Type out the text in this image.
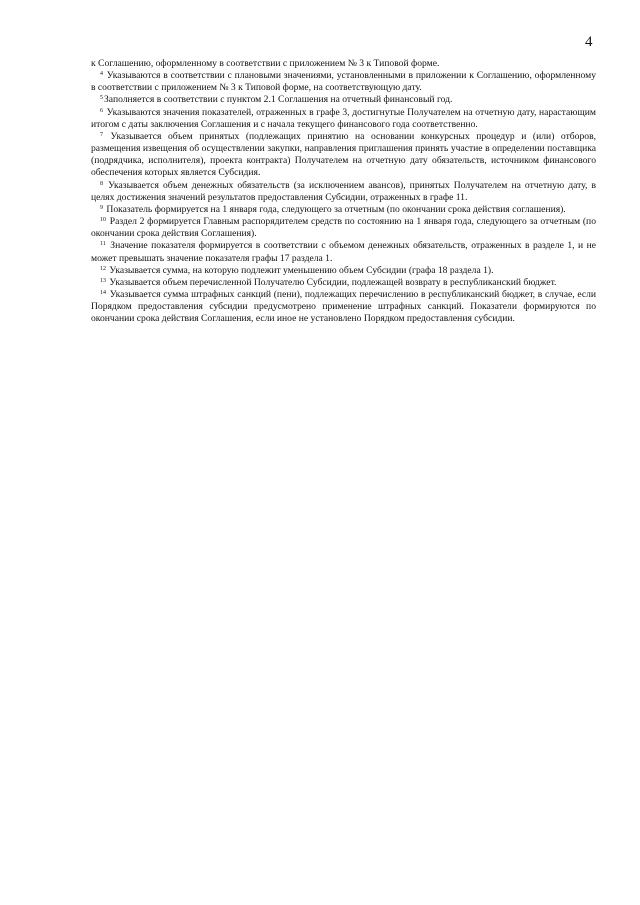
4

к Соглашению, оформленному в соответствии с приложением № 3 к Типовой форме.

$^4$ Указываются в соответствии с плановыми значениями, установленными в приложении к Соглашению, оформленному в соответствии с приложением № 3 к Типовой форме, на соответствующую дату.

$^5$Заполняется в соответствии с пунктом 2.1 Соглашения на отчетный финансовый год.

$^6$ Указываются значения показателей, отраженных в графе 3, достигнутые Получателем на отчетную дату, нарастающим итогом с даты заключения Соглашения и с начала текущего финансового года соответственно.

$^7$ Указывается объем принятых (подлежащих принятию на основании конкурсных процедур и (или) отборов, размещения извещения об осуществлении закупки, направления приглашения принять участие в определении поставщика (подрядчика, исполнителя), проекта контракта) Получателем на отчетную дату обязательств, источником финансового обеспечения которых является Субсидия.

$^8$ Указывается объем денежных обязательств (за исключением авансов), принятых Получателем на отчетную дату, в целях достижения значений результатов предоставления Субсидии, отраженных в графе 11.

$^9$ Показатель формируется на 1 января года, следующего за отчетным (по окончании срока действия соглашения).

$^{10}$ Раздел 2 формируется Главным распорядителем средств по состоянию на 1 января года, следующего за отчетным (по окончании срока действия Соглашения).

$^{11}$ Значение показателя формируется в соответствии с объемом денежных обязательств, отраженных в разделе 1, и не может превышать значение показателя графы 17 раздела 1.

$^{12}$ Указывается сумма, на которую подлежит уменьшению объем Субсидии (графа 18 раздела 1).

$^{13}$ Указывается объем перечисленной Получателю Субсидии, подлежащей возврату в республиканский бюджет.

$^{14}$ Указывается сумма штрафных санкций (пени), подлежащих перечислению в республиканский бюджет, в случае, если Порядком предоставления субсидии предусмотрено применение штрафных санкций. Показатели формируются по окончании срока действия Соглашения, если иное не установлено Порядком предоставления субсидии.
